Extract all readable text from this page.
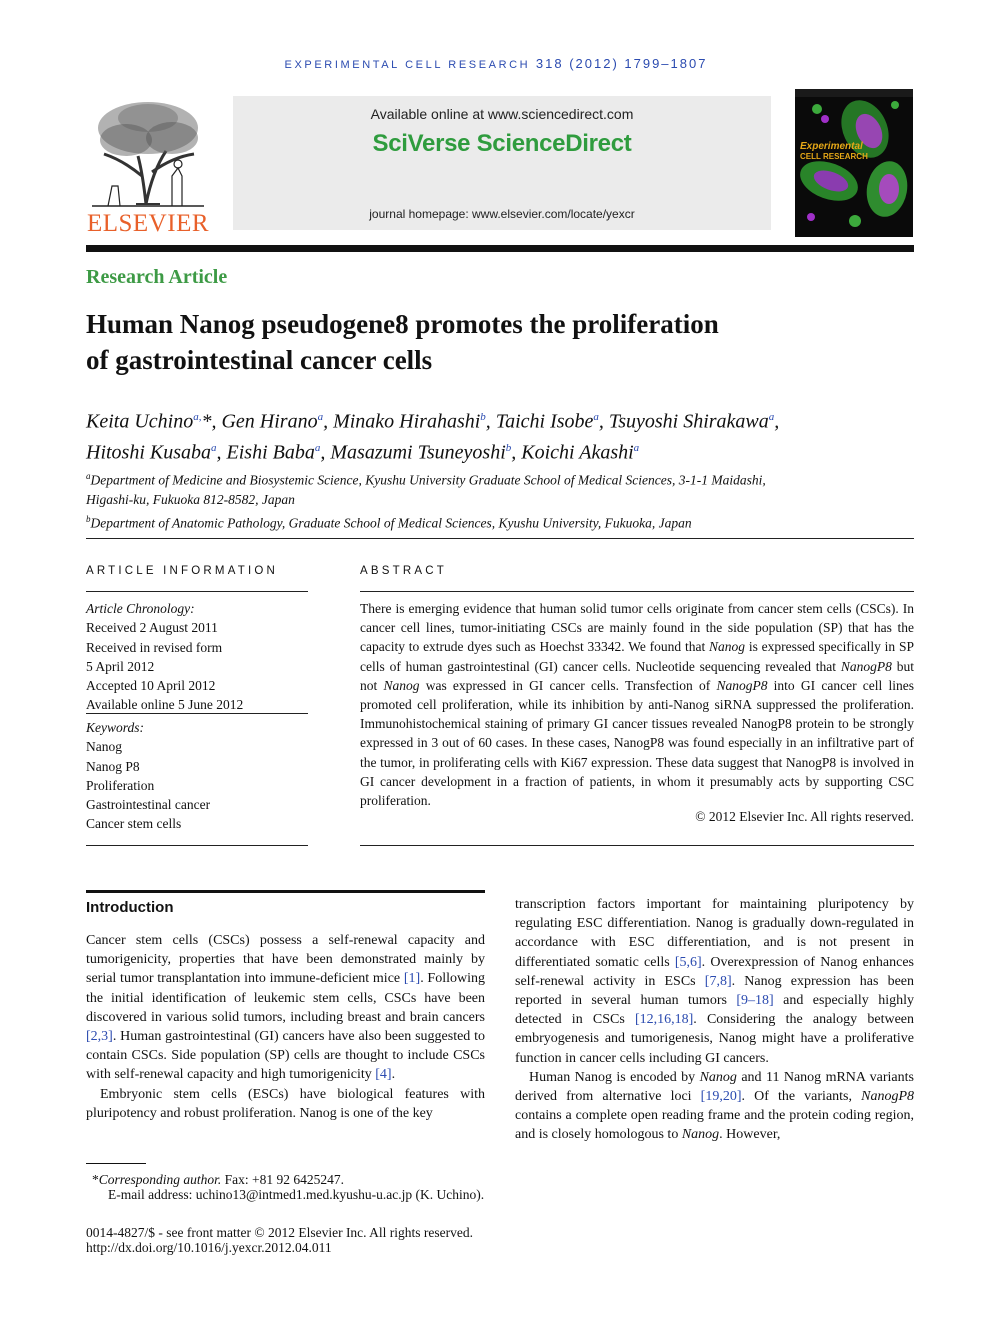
EXPERIMENTAL CELL RESEARCH 318 (2012) 1799–1807
ELSEVIER
Available online at www.sciencedirect.com
SciVerse ScienceDirect
journal homepage: www.elsevier.com/locate/yexcr
Experimental
CELL RESEARCH
Research Article
Human Nanog pseudogene8 promotes the proliferation
of gastrointestinal cancer cells
Keita Uchino$^{a,}$*, Gen Hirano$^a$, Minako Hirahashi$^b$, Taichi Isobe$^a$, Tsuyoshi Shirakawa$^a$,
Hitoshi Kusaba$^a$, Eishi Baba$^a$, Masazumi Tsuneyoshi$^b$, Koichi Akashi$^a$
$^a$Department of Medicine and Biosystemic Science, Kyushu University Graduate School of Medical Sciences, 3-1-1 Maidashi,
Higashi-ku, Fukuoka 812-8582, Japan
$^b$Department of Anatomic Pathology, Graduate School of Medical Sciences, Kyushu University, Fukuoka, Japan
ARTICLE INFORMATION
Article Chronology:
Received 2 August 2011
Received in revised form
5 April 2012
Accepted 10 April 2012
Available online 5 June 2012
Keywords:
Nanog
Nanog P8
Proliferation
Gastrointestinal cancer
Cancer stem cells
ABSTRACT
There is emerging evidence that human solid tumor cells originate from cancer stem cells (CSCs). In cancer cell lines, tumor-initiating CSCs are mainly found in the side population (SP) that has the capacity to extrude dyes such as Hoechst 33342. We found that Nanog is expressed specifically in SP cells of human gastrointestinal (GI) cancer cells. Nucleotide sequencing revealed that NanogP8 but not Nanog was expressed in GI cancer cells. Transfection of NanogP8 into GI cancer cell lines promoted cell proliferation, while its inhibition by anti-Nanog siRNA suppressed the proliferation. Immunohistochemical staining of primary GI cancer tissues revealed NanogP8 protein to be strongly expressed in 3 out of 60 cases. In these cases, NanogP8 was found especially in an infiltrative part of the tumor, in proliferating cells with Ki67 expression. These data suggest that NanogP8 is involved in GI cancer development in a fraction of patients, in whom it presumably acts by supporting CSC proliferation.
© 2012 Elsevier Inc. All rights reserved.
Introduction

Cancer stem cells (CSCs) possess a self-renewal capacity and tumorigenicity, properties that have been demonstrated mainly by serial tumor transplantation into immune-deficient mice [1]. Following the initial identification of leukemic stem cells, CSCs have been discovered in various solid tumors, including breast and brain cancers [2,3]. Human gastrointestinal (GI) cancers have also been suggested to contain CSCs. Side population (SP) cells are thought to include CSCs with self-renewal capacity and high tumorigenicity [4].

Embryonic stem cells (ESCs) have biological features with pluripotency and robust proliferation. Nanog is one of the key

transcription factors important for maintaining pluripotency by regulating ESC differentiation. Nanog is gradually down-regulated in accordance with ESC differentiation, and is not present in differentiated somatic cells [5,6]. Overexpression of Nanog enhances self-renewal activity in ESCs [7,8]. Nanog expression has been reported in several human tumors [9–18] and especially highly detected in CSCs [12,16,18]. Considering the analogy between embryogenesis and tumorigenesis, Nanog might have a proliferative function in cancer cells including GI cancers.

Human Nanog is encoded by Nanog and 11 Nanog mRNA variants derived from alternative loci [19,20]. Of the variants, NanogP8 contains a complete open reading frame and the protein coding region, and is closely homologous to Nanog. However,

*Corresponding author. Fax: +81 92 6425247.
E-mail address: uchino13@intmed1.med.kyushu-u.ac.jp (K. Uchino).
0014-4827/$ - see front matter © 2012 Elsevier Inc. All rights reserved.
http://dx.doi.org/10.1016/j.yexcr.2012.04.011
